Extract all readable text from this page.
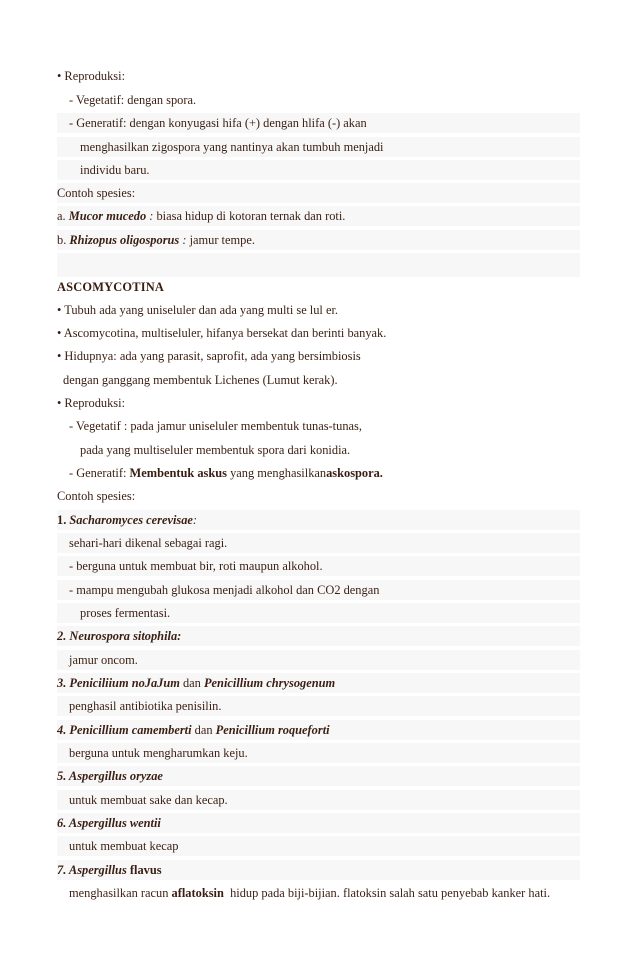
• Reproduksi:
- Vegetatif: dengan spora.
- Generatif: dengan konyugasi hifa (+) dengan hlifa (-) akan
menghasilkan zigospora yang nantinya akan tumbuh menjadi
individu baru.
Contoh spesies:
a. Mucor mucedo : biasa hidup di kotoran ternak dan roti.
b. Rhizopus oligosporus : jamur tempe.
ASCOMYCOTINA
• Tubuh ada yang uniseluler dan ada yang multi se lul er.
• Ascomycotina, multiseluler, hifanya bersekat dan berinti banyak.
• Hidupnya: ada yang parasit, saprofit, ada yang bersimbiosis
dengan ganggang membentuk Lichenes (Lumut kerak).
• Reproduksi:
- Vegetatif : pada jamur uniseluler membentuk tunas-tunas,
pada yang multiseluler membentuk spora dari konidia.
- Generatif: Membentuk askus yang menghasilkanaskospora.
Contoh spesies:
1. Sacharomyces cerevisae:
sehari-hari dikenal sebagai ragi.
- berguna untuk membuat bir, roti maupun alkohol.
- mampu mengubah glukosa menjadi alkohol dan CO2 dengan
proses fermentasi.
2. Neurospora sitophila:
jamur oncom.
3. Peniciliium noJaJum dan Penicillium chrysogenum
penghasil antibiotika penisilin.
4. Penicillium camemberti dan Penicillium roqueforti
berguna untuk mengharumkan keju.
5. Aspergillus oryzae
untuk membuat sake dan kecap.
6. Aspergillus wentii
untuk membuat kecap
7. Aspergillus flavus
menghasilkan racun aflatoksin  hidup pada biji-bijian. flatoksin salah satu penyebab kanker hati.
